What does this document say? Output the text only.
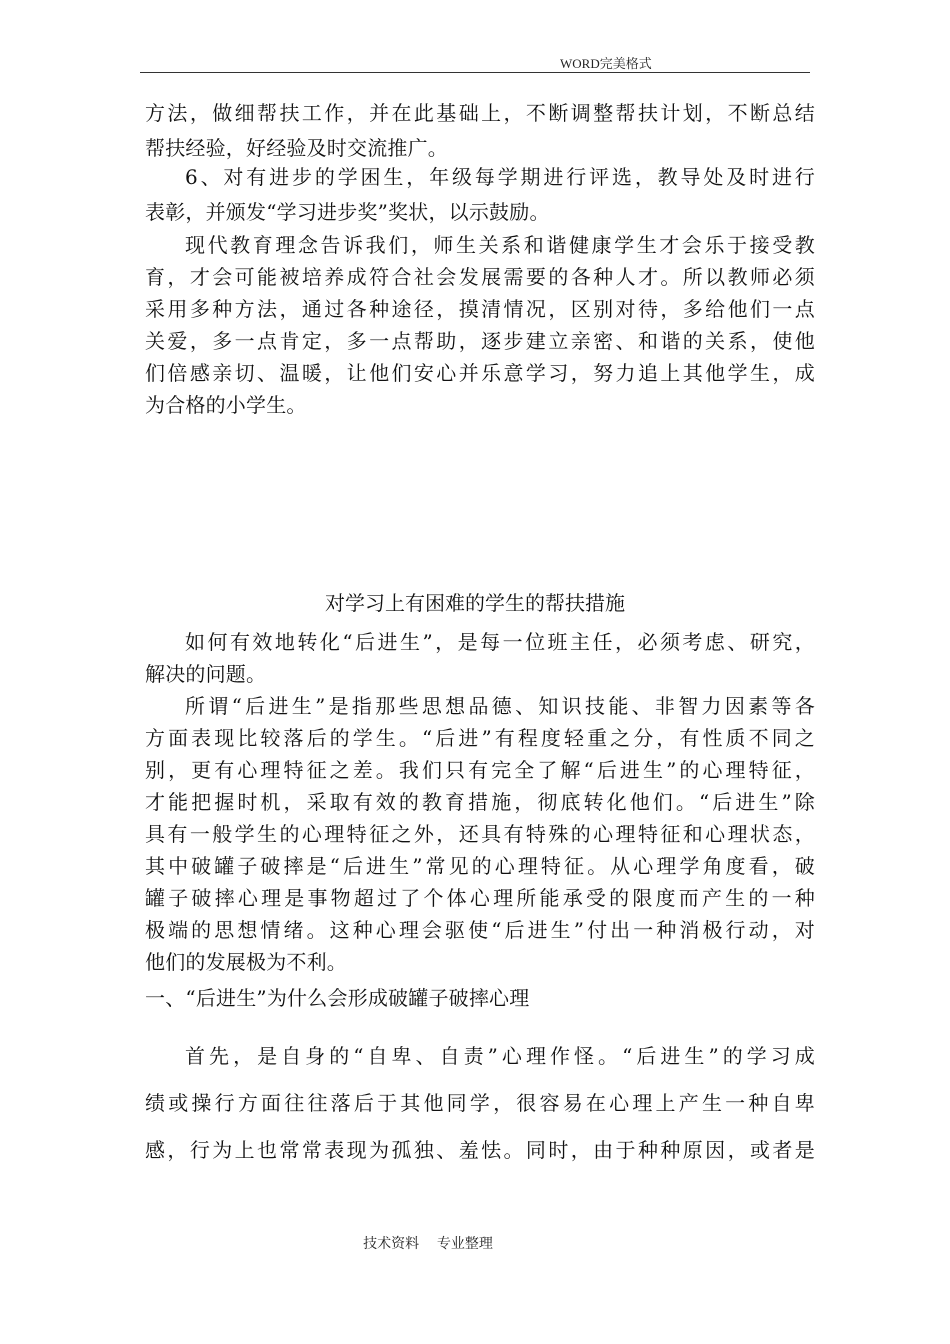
WORD完美格式
方法，做细帮扶工作，并在此基础上，不断调整帮扶计划，不断总结
帮扶经验，好经验及时交流推广。
6、对有进步的学困生，年级每学期进行评选，教导处及时进行
表彰，并颁发“学习进步奖”奖状，以示鼓励。
现代教育理念告诉我们，师生关系和谐健康学生才会乐于接受教
育，才会可能被培养成符合社会发展需要的各种人才。所以教师必须
采用多种方法，通过各种途径，摸清情况，区别对待，多给他们一点
关爱，多一点肯定，多一点帮助，逐步建立亲密、和谐的关系，使他
们倍感亲切、温暖，让他们安心并乐意学习，努力追上其他学生，成
为合格的小学生。
对学习上有困难的学生的帮扶措施
如何有效地转化“后进生”，是每一位班主任，必须考虑、研究，
解决的问题。
所谓“后进生”是指那些思想品德、知识技能、非智力因素等各
方面表现比较落后的学生。“后进”有程度轻重之分，有性质不同之
别，更有心理特征之差。我们只有完全了解“后进生”的心理特征，
才能把握时机，采取有效的教育措施，彻底转化他们。“后进生”除
具有一般学生的心理特征之外，还具有特殊的心理特征和心理状态，
其中破罐子破摔是“后进生”常见的心理特征。从心理学角度看，破
罐子破摔心理是事物超过了个体心理所能承受的限度而产生的一种
极端的思想情绪。这种心理会驱使“后进生”付出一种消极行动，对
他们的发展极为不利。
一、“后进生”为什么会形成破罐子破摔心理
首先，是自身的“自卑、自责”心理作怪。“后进生”的学习成
绩或操行方面往往落后于其他同学，很容易在心理上产生一种自卑
感，行为上也常常表现为孤独、羞怯。同时，由于种种原因，或者是
技术资料    专业整理
